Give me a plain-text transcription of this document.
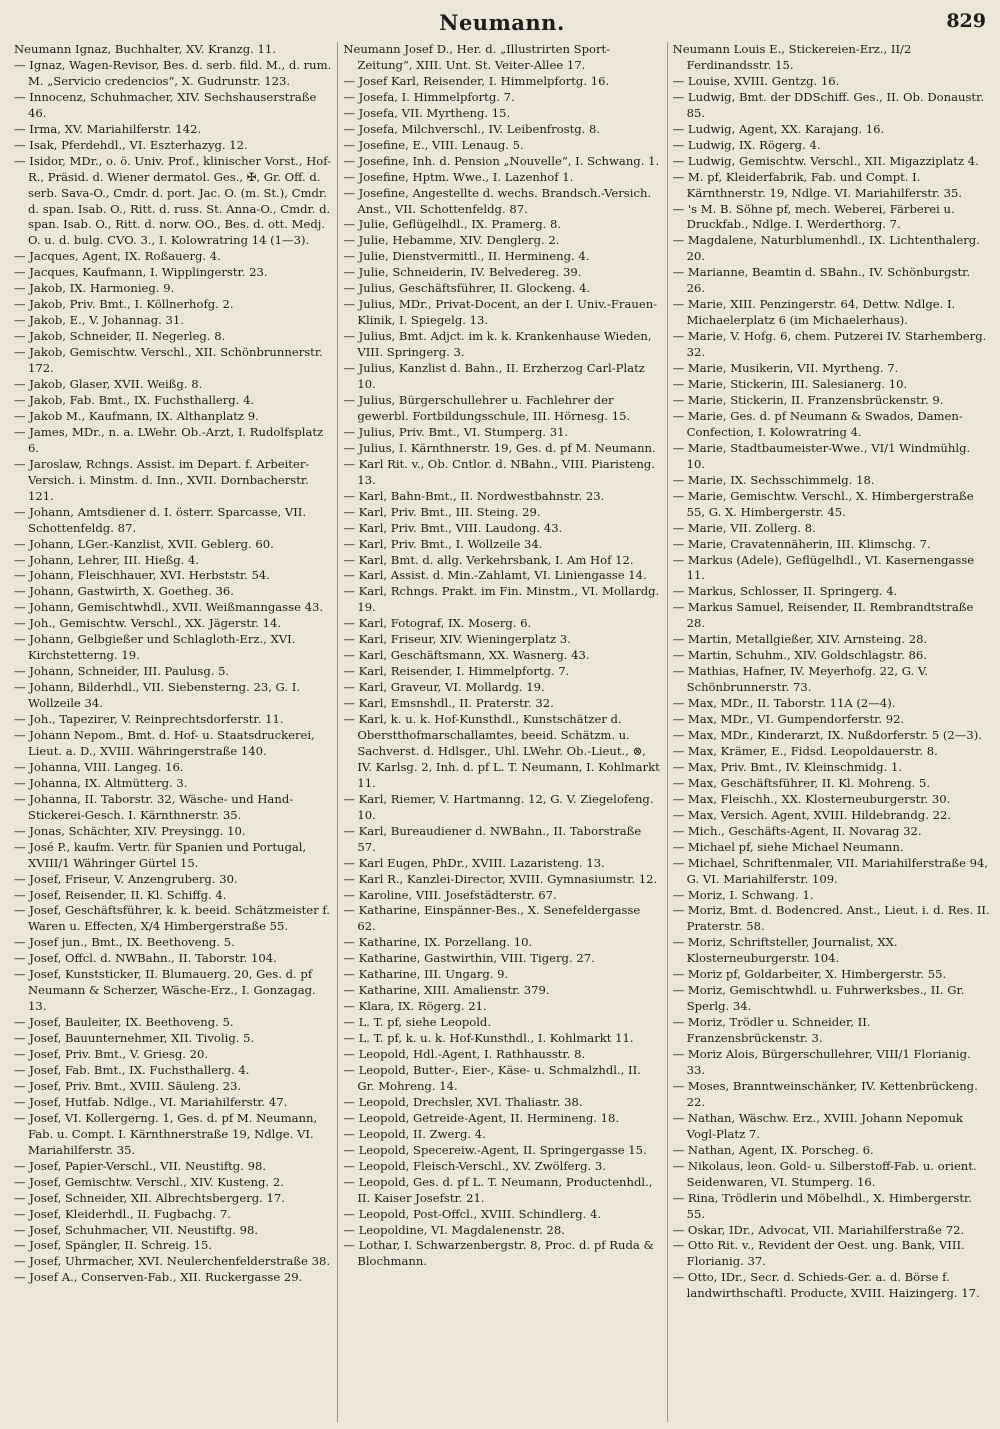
Neumann.	829

Neumann Ignaz, Buchhalter, XV. Kranzg. 11.

— Ignaz, Wagen-Revisor, Bes. d. serb. fild. M., d. rum. M. „Servicio credencios“, X. Gudrunstr. 123.

— Innocenz, Schuhmacher, XIV. Sechshauserstraße 46.

— Irma, XV. Mariahilferstr. 142.

— Isak, Pferdehdl., VI. Eszterhazyg. 12.

— Isidor, MDr., o. ö. Univ. Prof., klinischer Vorst., Hof-R., Präsid. d. Wiener dermatol. Ges., ✠, Gr. Off. d. serb. Sava-O., Cmdr. d. port. Jac. O. (m. St.), Cmdr. d. span. Isab. O., Ritt. d. russ. St. Anna-O., Cmdr. d. span. Isab. O., Ritt. d. norw. OO., Bes. d. ott. Medj. O. u. d. bulg. CVO. 3., I. Kolowratring 14 (1—3).

— Jacques, Agent, IX. Roßauerg. 4.

— Jacques, Kaufmann, I. Wipplingerstr. 23.

— Jakob, IX. Harmonieg. 9.

— Jakob, Priv. Bmt., I. Köllnerhofg. 2.

— Jakob, E., V. Johannag. 31.

— Jakob, Schneider, II. Negerleg. 8.

— Jakob, Gemischtw. Verschl., XII. Schönbrunnerstr. 172.

— Jakob, Glaser, XVII. Weißg. 8.

— Jakob, Fab. Bmt., IX. Fuchsthallerg. 4.

— Jakob M., Kaufmann, IX. Althanplatz 9.

— James, MDr., n. a. LWehr. Ob.-Arzt, I. Rudolfsplatz 6.

— Jaroslaw, Rchngs. Assist. im Depart. f. Arbeiter-Versich. i. Minstm. d. Inn., XVII. Dornbacherstr. 121.

— Johann, Amtsdiener d. I. österr. Sparcasse, VII. Schottenfeldg. 87.

— Johann, LGer.-Kanzlist, XVII. Geblerg. 60.

— Johann, Lehrer, III. Hießg. 4.

— Johann, Fleischhauer, XVI. Herbststr. 54.

— Johann, Gastwirth, X. Goetheg. 36.

— Johann, Gemischtwhdl., XVII. Weißmanngasse 43.

— Joh., Gemischtw. Verschl., XX. Jägerstr. 14.

— Johann, Gelbgießer und Schlagloth-Erz., XVI. Kirchstetterng. 19.

— Johann, Schneider, III. Paulusg. 5.

— Johann, Bilderhdl., VII. Siebensterng. 23, G. I. Wollzeile 34.

— Joh., Tapezirer, V. Reinprechtsdorferstr. 11.

— Johann Nepom., Bmt. d. Hof- u. Staatsdruckerei, Lieut. a. D., XVIII. Währingerstraße 140.

— Johanna, VIII. Langeg. 16.

— Johanna, IX. Altmütterg. 3.

— Johanna, II. Taborstr. 32, Wäsche- und Hand-Stickerei-Gesch. I. Kärnthnerstr. 35.

— Jonas, Schächter, XIV. Preysingg. 10.

— José P., kaufm. Vertr. für Spanien und Portugal, XVIII/1 Währinger Gürtel 15.

— Josef, Friseur, V. Anzengruberg. 30.

— Josef, Reisender, II. Kl. Schiffg. 4.

— Josef, Geschäftsführer, k. k. beeid. Schätzmeister f. Waren u. Effecten, X/4 Himbergerstraße 55.

— Josef jun., Bmt., IX. Beethoveng. 5.

— Josef, Offcl. d. NWBahn., II. Taborstr. 104.

— Josef, Kunststicker, II. Blumauerg. 20, Ges. d. pf Neumann & Scherzer, Wäsche-Erz., I. Gonzagag. 13.

— Josef, Bauleiter, IX. Beethoveng. 5.

— Josef, Bauunternehmer, XII. Tivolig. 5.

— Josef, Priv. Bmt., V. Griesg. 20.

— Josef, Fab. Bmt., IX. Fuchsthallerg. 4.

— Josef, Priv. Bmt., XVIII. Säuleng. 23.

— Josef, Hutfab. Ndlge., VI. Mariahilferstr. 47.

— Josef, VI. Kollergerng. 1, Ges. d. pf M. Neumann, Fab. u. Compt. I. Kärnthnerstraße 19, Ndlge. VI. Mariahilferstr. 35.

— Josef, Papier-Verschl., VII. Neustiftg. 98.

— Josef, Gemischtw. Verschl., XIV. Kusteng. 2.

— Josef, Schneider, XII. Albrechtsbergerg. 17.

— Josef, Kleiderhdl., II. Fugbachg. 7.

— Josef, Schuhmacher, VII. Neustiftg. 98.

— Josef, Spängler, II. Schreig. 15.

— Josef, Uhrmacher, XVI. Neulerchenfelderstraße 38.

— Josef A., Conserven-Fab., XII. Ruckergasse 29.

Neumann Josef D., Her. d. „Illustrirten Sport-Zeitung“, XIII. Unt. St. Veiter-Allee 17.

— Josef Karl, Reisender, I. Himmelpfortg. 16.

— Josefa, I. Himmelpfortg. 7.

— Josefa, VII. Myrtheng. 15.

— Josefa, Milchverschl., IV. Leibenfrostg. 8.

— Josefine, E., VIII. Lenaug. 5.

— Josefine, Inh. d. Pension „Nouvelle“, I. Schwang. 1.

— Josefine, Hptm. Wwe., I. Lazenhof 1.

— Josefine, Angestellte d. wechs. Brandsch.-Versich. Anst., VII. Schottenfeldg. 87.

— Julie, Geflügelhdl., IX. Pramerg. 8.

— Julie, Hebamme, XIV. Denglerg. 2.

— Julie, Dienstvermittl., II. Hermineng. 4.

— Julie, Schneiderin, IV. Belvedereg. 39.

— Julius, Geschäftsführer, II. Glockeng. 4.

— Julius, MDr., Privat-Docent, an der I. Univ.-Frauen-Klinik, I. Spiegelg. 13.

— Julius, Bmt. Adjct. im k. k. Krankenhause Wieden, VIII. Springerg. 3.

— Julius, Kanzlist d. Bahn., II. Erzherzog Carl-Platz 10.

— Julius, Bürgerschullehrer u. Fachlehrer der gewerbl. Fortbildungsschule, III. Hörnesg. 15.

— Julius, Priv. Bmt., VI. Stumperg. 31.

— Julius, I. Kärnthnerstr. 19, Ges. d. pf M. Neumann.

— Karl Rit. v., Ob. Cntlor. d. NBahn., VIII. Piaristeng. 13.

— Karl, Bahn-Bmt., II. Nordwestbahnstr. 23.

— Karl, Priv. Bmt., III. Steing. 29.

— Karl, Priv. Bmt., VIII. Laudong. 43.

— Karl, Priv. Bmt., I. Wollzeile 34.

— Karl, Bmt. d. allg. Verkehrsbank, I. Am Hof 12.

— Karl, Assist. d. Min.-Zahlamt, VI. Liniengasse 14.

— Karl, Rchngs. Prakt. im Fin. Minstm., VI. Mollardg. 19.

— Karl, Fotograf, IX. Moserg. 6.

— Karl, Friseur, XIV. Wieningerplatz 3.

— Karl, Geschäftsmann, XX. Wasnerg. 43.

— Karl, Reisender, I. Himmelpfortg. 7.

— Karl, Graveur, VI. Mollardg. 19.

— Karl, Emsnshdl., II. Praterstr. 32.

— Karl, k. u. k. Hof-Kunsthdl., Kunstschätzer d. Oberstthofmarschallamtes, beeid. Schätzm. u. Sachverst. d. Hdlsger., Uhl. LWehr. Ob.-Lieut., ⊗, IV. Karlsg. 2, Inh. d. pf L. T. Neumann, I. Kohlmarkt 11.

— Karl, Riemer, V. Hartmanng. 12, G. V. Ziegelofeng. 10.

— Karl, Bureaudiener d. NWBahn., II. Taborstraße 57.

— Karl Eugen, PhDr., XVIII. Lazaristeng. 13.

— Karl R., Kanzlei-Director, XVIII. Gymnasiumstr. 12.

— Karoline, VIII. Josefstädterstr. 67.

— Katharine, Einspänner-Bes., X. Senefeldergasse 62.

— Katharine, IX. Porzellang. 10.

— Katharine, Gastwirthin, VIII. Tigerg. 27.

— Katharine, III. Ungarg. 9.

— Katharine, XIII. Amalienstr. 379.

— Klara, IX. Rögerg. 21.

— L. T. pf, siehe Leopold.

— L. T. pf, k. u. k. Hof-Kunsthdl., I. Kohlmarkt 11.

— Leopold, Hdl.-Agent, I. Rathhausstr. 8.

— Leopold, Butter-, Eier-, Käse- u. Schmalzhdl., II. Gr. Mohreng. 14.

— Leopold, Drechsler, XVI. Thaliastr. 38.

— Leopold, Getreide-Agent, II. Hermineng. 18.

— Leopold, II. Zwerg. 4.

— Leopold, Specereiw.-Agent, II. Springergasse 15.

— Leopold, Fleisch-Verschl., XV. Zwölferg. 3.

— Leopold, Ges. d. pf L. T. Neumann, Productenhdl., II. Kaiser Josefstr. 21.

— Leopold, Post-Offcl., XVIII. Schindlerg. 4.

— Leopoldine, VI. Magdalenenstr. 28.

— Lothar, I. Schwarzenbergstr. 8, Proc. d. pf Ruda & Blochmann.

Neumann Louis E., Stickereien-Erz., II/2 Ferdinandsstr. 15.

— Louise, XVIII. Gentzg. 16.

— Ludwig, Bmt. der DDSchiff. Ges., II. Ob. Donaustr. 85.

— Ludwig, Agent, XX. Karajang. 16.

— Ludwig, IX. Rögerg. 4.

— Ludwig, Gemischtw. Verschl., XII. Migazziplatz 4.

— M. pf, Kleiderfabrik, Fab. und Compt. I. Kärnthnerstr. 19, Ndlge. VI. Mariahilferstr. 35.

— 's M. B. Söhne pf, mech. Weberei, Färberei u. Druckfab., Ndlge. I. Werderthorg. 7.

— Magdalene, Naturblumenhdl., IX. Lichtenthalerg. 20.

— Marianne, Beamtin d. SBahn., IV. Schönburgstr. 26.

— Marie, XIII. Penzingerstr. 64, Dettw. Ndlge. I. Michaelerplatz 6 (im Michaelerhaus).

— Marie, V. Hofg. 6, chem. Putzerei IV. Starhemberg. 32.

— Marie, Musikerin, VII. Myrtheng. 7.

— Marie, Stickerin, III. Salesianerg. 10.

— Marie, Stickerin, II. Franzensbrückenstr. 9.

— Marie, Ges. d. pf Neumann & Swados, Damen-Confection, I. Kolowratring 4.

— Marie, Stadtbaumeister-Wwe., VI/1 Windmühlg. 10.

— Marie, IX. Sechsschimmelg. 18.

— Marie, Gemischtw. Verschl., X. Himbergerstraße 55, G. X. Himbergerstr. 45.

— Marie, VII. Zollerg. 8.

— Marie, Cravatennäherin, III. Klimschg. 7.

— Markus (Adele), Geflügelhdl., VI. Kasernengasse 11.

— Markus, Schlosser, II. Springerg. 4.

— Markus Samuel, Reisender, II. Rembrandtstraße 28.

— Martin, Metallgießer, XIV. Arnsteing. 28.

— Martin, Schuhm., XIV. Goldschlagstr. 86.

— Mathias, Hafner, IV. Meyerhofg. 22, G. V. Schönbrunnerstr. 73.

— Max, MDr., II. Taborstr. 11A (2—4).

— Max, MDr., VI. Gumpendorferstr. 92.

— Max, MDr., Kinderarzt, IX. Nußdorferstr. 5 (2—3).

— Max, Krämer, E., Fidsd. Leopoldauerstr. 8.

— Max, Priv. Bmt., IV. Kleinschmidg. 1.

— Max, Geschäftsführer, II. Kl. Mohreng. 5.

— Max, Fleischh., XX. Klosterneuburgerstr. 30.

— Max, Versich. Agent, XVIII. Hildebrandg. 22.

— Mich., Geschäfts-Agent, II. Novarag 32.

— Michael pf, siehe Michael Neumann.

— Michael, Schriftenmaler, VII. Mariahilferstraße 94, G. VI. Mariahilferstr. 109.

— Moriz, I. Schwang. 1.

— Moriz, Bmt. d. Bodencred. Anst., Lieut. i. d. Res. II. Praterstr. 58.

— Moriz, Schriftsteller, Journalist, XX. Klosterneuburgerstr. 104.

— Moriz pf, Goldarbeiter, X. Himbergerstr. 55.

— Moriz, Gemischtwhdl. u. Fuhrwerksbes., II. Gr. Sperlg. 34.

— Moriz, Trödler u. Schneider, II. Franzensbrückenstr. 3.

— Moriz Alois, Bürgerschullehrer, VIII/1 Florianig. 33.

— Moses, Branntweinschänker, IV. Kettenbrückeng. 22.

— Nathan, Wäschw. Erz., XVIII. Johann Nepomuk Vogl-Platz 7.

— Nathan, Agent, IX. Porscheg. 6.

— Nikolaus, leon. Gold- u. Silberstoff-Fab. u. orient. Seidenwaren, VI. Stumperg. 16.

— Rina, Trödlerin und Möbelhdl., X. Himbergerstr. 55.

— Oskar, IDr., Advocat, VII. Mariahilferstraße 72.

— Otto Rit. v., Revident der Oest. ung. Bank, VIII. Florianig. 37.

— Otto, IDr., Secr. d. Schieds-Ger. a. d. Börse f. landwirthschaftl. Producte, XVIII. Haizingerg. 17.
